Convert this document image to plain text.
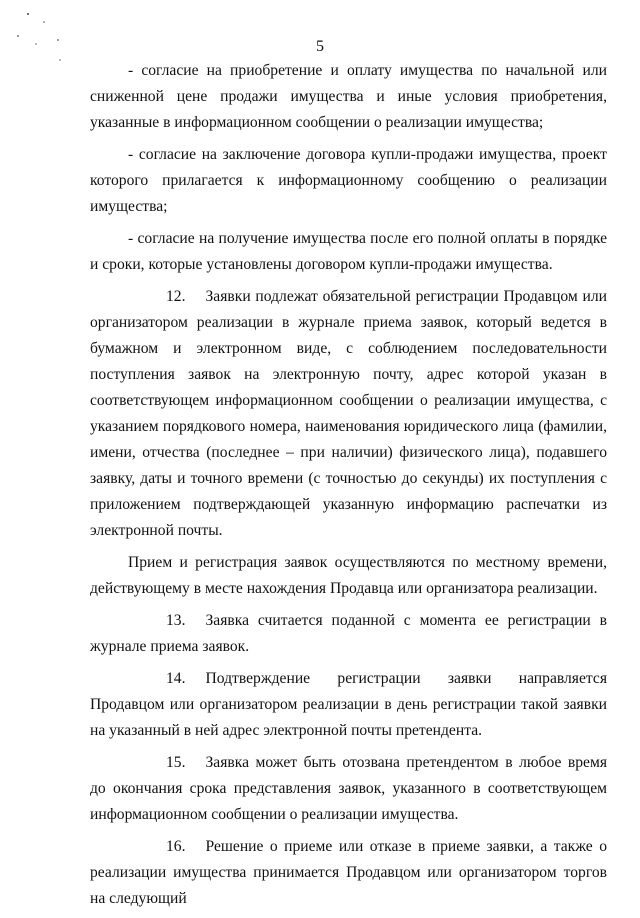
5

- согласие на приобретение и оплату имущества по начальной или сниженной цене продажи имущества и иные условия приобретения, указанные в информационном сообщении о реализации имущества;

- согласие на заключение договора купли-продажи имущества, проект которого прилагается к информационному сообщению о реализации имущества;

- согласие на получение имущества после его полной оплаты в порядке и сроки, которые установлены договором купли-продажи имущества.

12. Заявки подлежат обязательной регистрации Продавцом или организатором реализации в журнале приема заявок, который ведется в бумажном и электронном виде, с соблюдением последовательности поступления заявок на электронную почту, адрес которой указан в соответствующем информационном сообщении о реализации имущества, с указанием порядкового номера, наименования юридического лица (фамилии, имени, отчества (последнее – при наличии) физического лица), подавшего заявку, даты и точного времени (с точностью до секунды) их поступления с приложением подтверждающей указанную информацию распечатки из электронной почты.

Прием и регистрация заявок осуществляются по местному времени, действующему в месте нахождения Продавца или организатора реализации.

13. Заявка считается поданной с момента ее регистрации в журнале приема заявок.

14. Подтверждение регистрации заявки направляется Продавцом или организатором реализации в день регистрации такой заявки на указанный в ней адрес электронной почты претендента.

15. Заявка может быть отозвана претендентом в любое время до окончания срока представления заявок, указанного в соответствующем информационном сообщении о реализации имущества.

16. Решение о приеме или отказе в приеме заявки, а также о реализации имущества принимается Продавцом или организатором торгов на следующий
